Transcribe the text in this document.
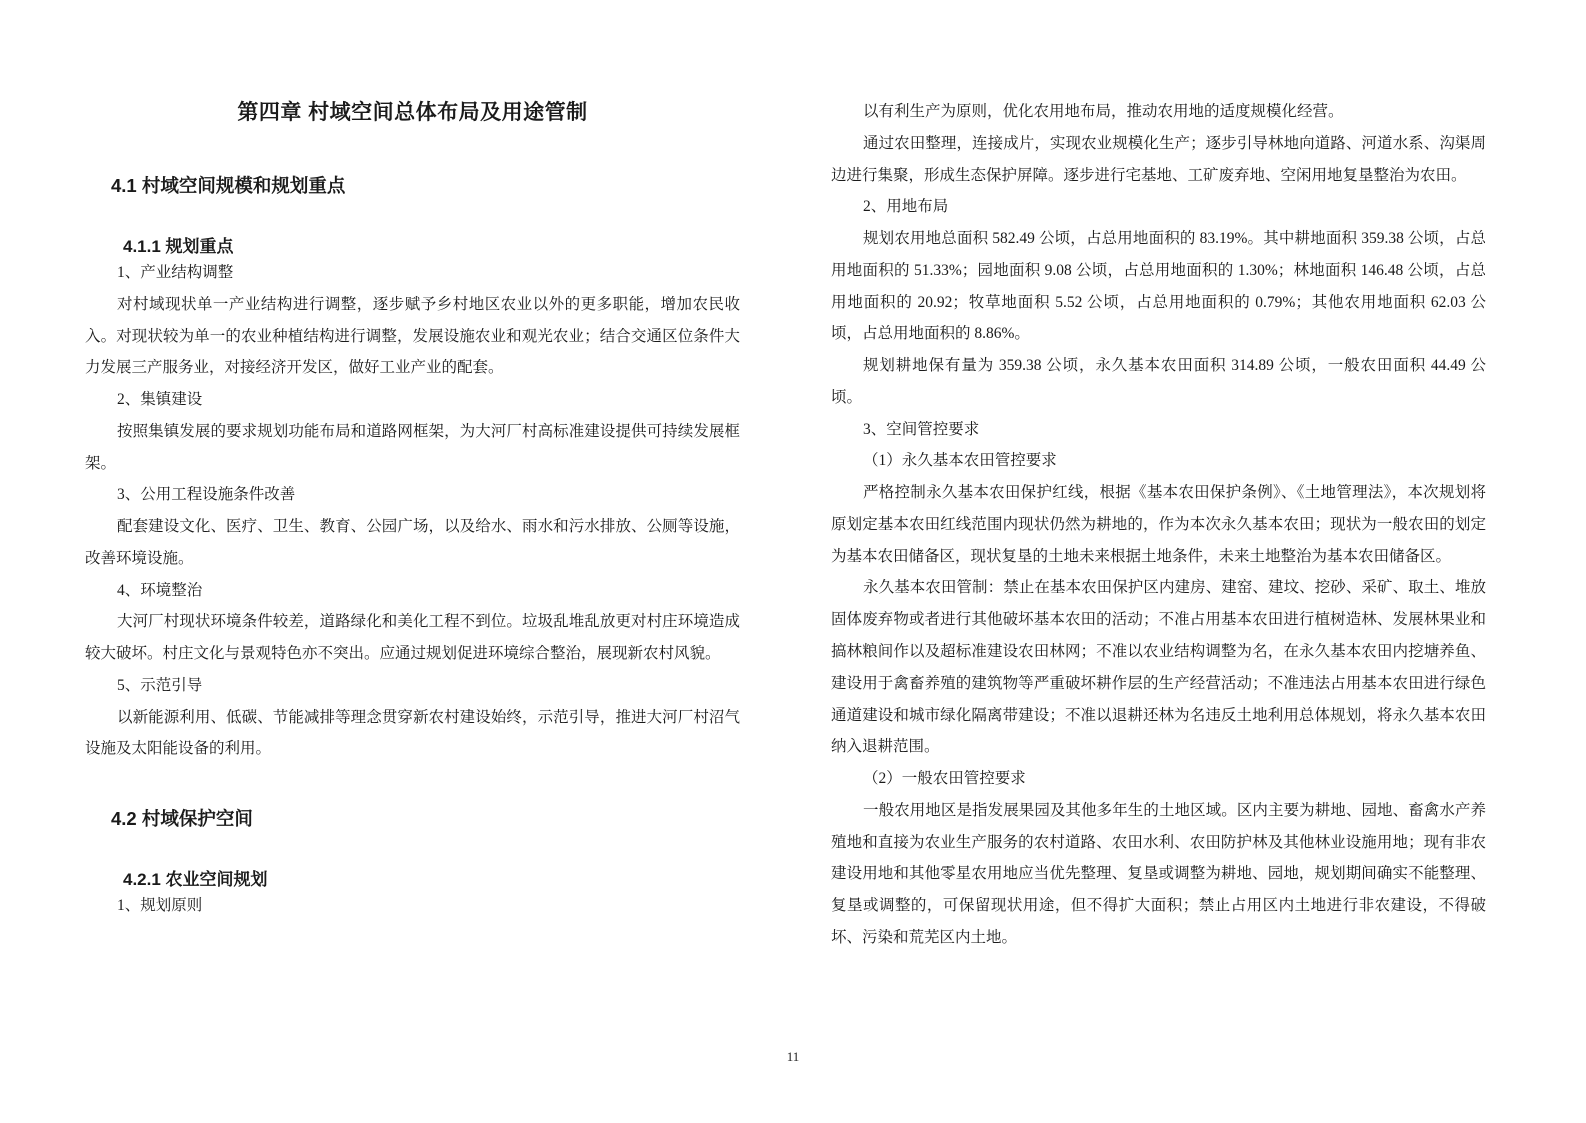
第四章 村域空间总体布局及用途管制
4.1 村域空间规模和规划重点
4.1.1 规划重点

1、产业结构调整

对村域现状单一产业结构进行调整，逐步赋予乡村地区农业以外的更多职能，增加农民收入。对现状较为单一的农业种植结构进行调整，发展设施农业和观光农业；结合交通区位条件大力发展三产服务业，对接经济开发区，做好工业产业的配套。

2、集镇建设

按照集镇发展的要求规划功能布局和道路网框架，为大河厂村高标准建设提供可持续发展框架。

3、公用工程设施条件改善

配套建设文化、医疗、卫生、教育、公园广场，以及给水、雨水和污水排放、公厕等设施，改善环境设施。

4、环境整治

大河厂村现状环境条件较差，道路绿化和美化工程不到位。垃圾乱堆乱放更对村庄环境造成较大破坏。村庄文化与景观特色亦不突出。应通过规划促进环境综合整治，展现新农村风貌。

5、示范引导

以新能源利用、低碳、节能减排等理念贯穿新农村建设始终，示范引导，推进大河厂村沼气设施及太阳能设备的利用。

4.2 村域保护空间
4.2.1 农业空间规划

1、规划原则

以有利生产为原则，优化农用地布局，推动农用地的适度规模化经营。

通过农田整理，连接成片，实现农业规模化生产；逐步引导林地向道路、河道水系、沟渠周边进行集聚，形成生态保护屏障。逐步进行宅基地、工矿废弃地、空闲用地复垦整治为农田。

2、用地布局

规划农用地总面积 582.49 公顷，占总用地面积的 83.19%。其中耕地面积 359.38 公顷，占总用地面积的 51.33%；园地面积 9.08 公顷，占总用地面积的 1.30%；林地面积 146.48 公顷，占总用地面积的 20.92；牧草地面积 5.52 公顷，占总用地面积的 0.79%；其他农用地面积 62.03 公顷，占总用地面积的 8.86%。

规划耕地保有量为 359.38 公顷，永久基本农田面积 314.89 公顷，一般农田面积 44.49 公顷。

3、空间管控要求

（1）永久基本农田管控要求

严格控制永久基本农田保护红线，根据《基本农田保护条例》、《土地管理法》，本次规划将原划定基本农田红线范围内现状仍然为耕地的，作为本次永久基本农田；现状为一般农田的划定为基本农田储备区，现状复垦的土地未来根据土地条件，未来土地整治为基本农田储备区。

永久基本农田管制：禁止在基本农田保护区内建房、建窑、建坟、挖砂、采矿、取土、堆放固体废弃物或者进行其他破坏基本农田的活动；不准占用基本农田进行植树造林、发展林果业和搞林粮间作以及超标准建设农田林网；不准以农业结构调整为名，在永久基本农田内挖塘养鱼、建设用于禽畜养殖的建筑物等严重破坏耕作层的生产经营活动；不准违法占用基本农田进行绿色通道建设和城市绿化隔离带建设；不准以退耕还林为名违反土地利用总体规划，将永久基本农田纳入退耕范围。

（2）一般农田管控要求

一般农用地区是指发展果园及其他多年生的土地区域。区内主要为耕地、园地、畜禽水产养殖地和直接为农业生产服务的农村道路、农田水利、农田防护林及其他林业设施用地；现有非农建设用地和其他零星农用地应当优先整理、复垦或调整为耕地、园地，规划期间确实不能整理、复垦或调整的，可保留现状用途，但不得扩大面积；禁止占用区内土地进行非农建设，不得破坏、污染和荒芜区内土地。

11
